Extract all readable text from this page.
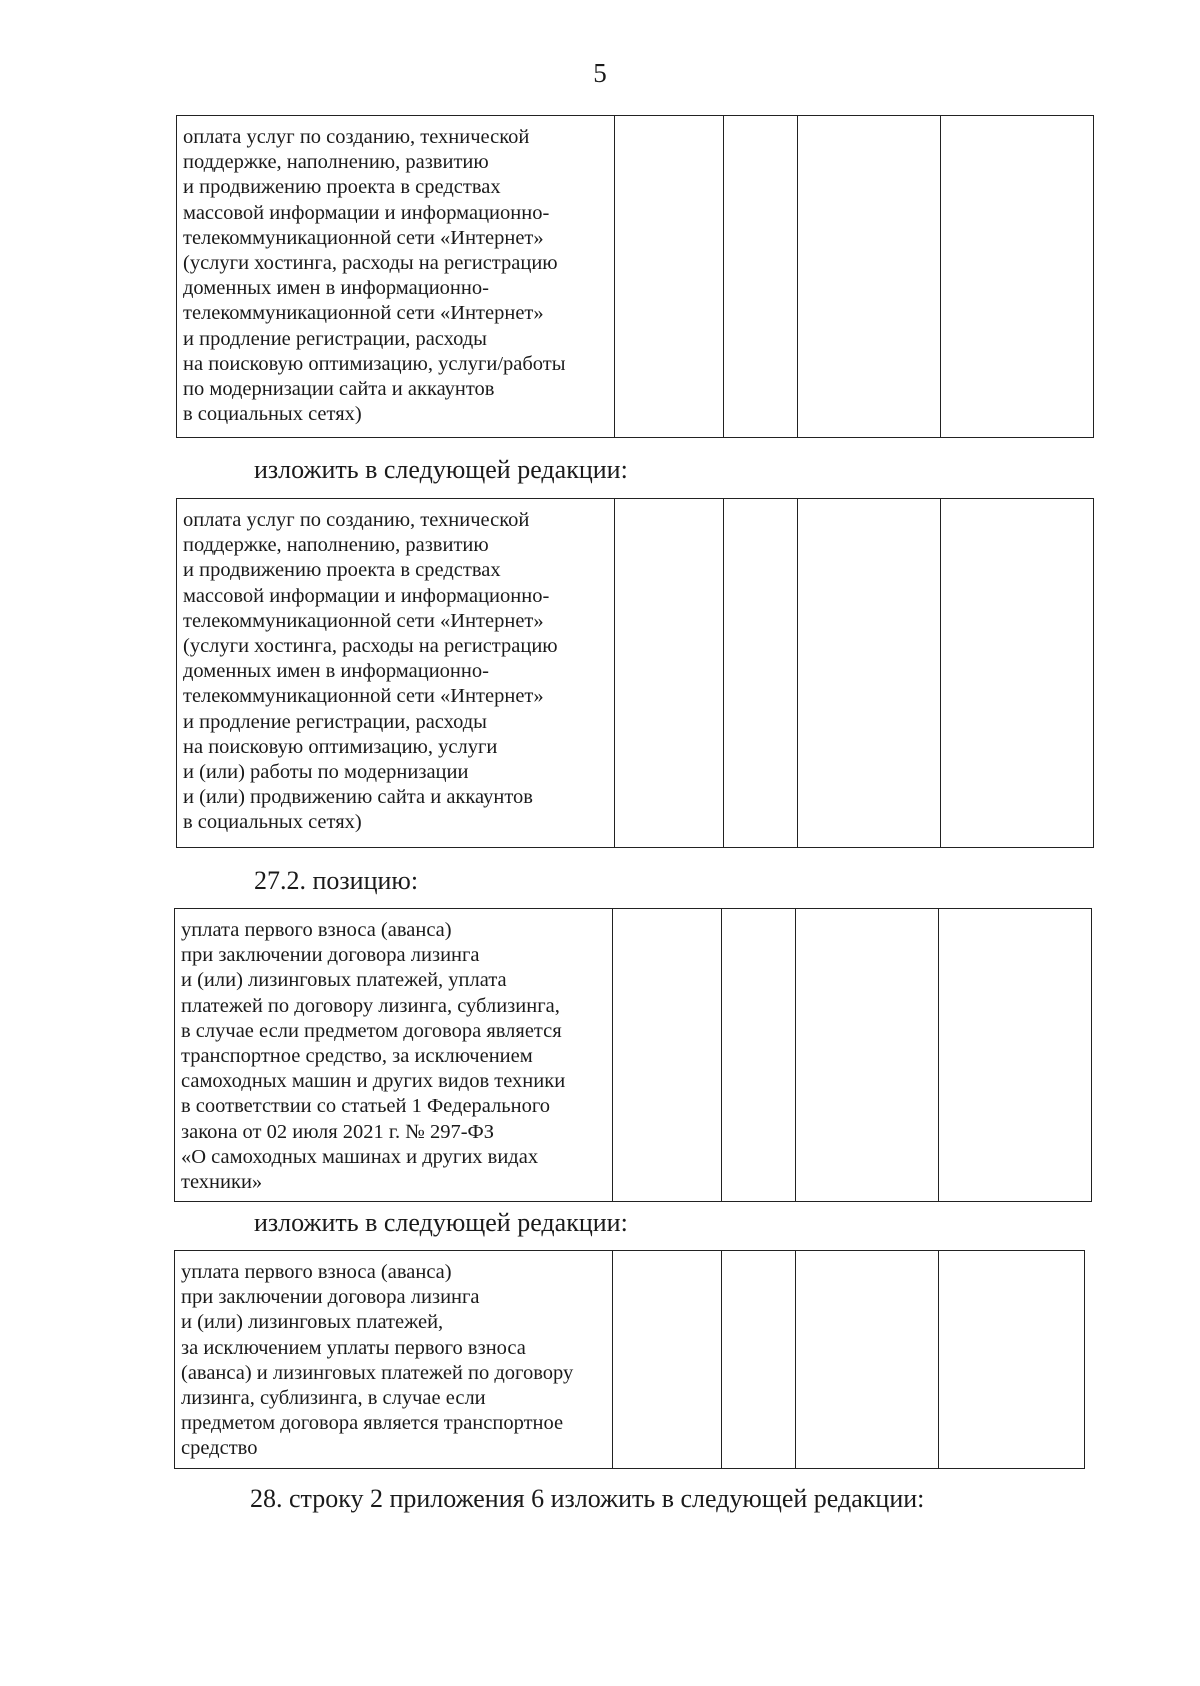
5
оплата услуг по созданию, технической
поддержке, наполнению, развитию
и продвижению проекта в средствах
массовой информации и информационно-
телекоммуникационной сети «Интернет»
(услуги хостинга, расходы на регистрацию
доменных имен в информационно-
телекоммуникационной сети «Интернет»
и продление регистрации, расходы
на поисковую оптимизацию, услуги/работы
по модернизации сайта и аккаунтов
в социальных сетях)

изложить в следующей редакции:
оплата услуг по созданию, технической
поддержке, наполнению, развитию
и продвижению проекта в средствах
массовой информации и информационно-
телекоммуникационной сети «Интернет»
(услуги хостинга, расходы на регистрацию
доменных имен в информационно-
телекоммуникационной сети «Интернет»
и продление регистрации, расходы
на поисковую оптимизацию, услуги
и (или) работы по модернизации
и (или) продвижению сайта и аккаунтов
в социальных сетях)

27.2. позицию:
уплата первого взноса (аванса)
при заключении договора лизинга
и (или) лизинговых платежей, уплата
платежей по договору лизинга, сублизинга,
в случае если предметом договора является
транспортное средство, за исключением
самоходных машин и других видов техники
в соответствии со статьей 1 Федерального
закона от 02 июля 2021 г. № 297-ФЗ
«О самоходных машинах и других видах
техники»

изложить в следующей редакции:
уплата первого взноса (аванса)
при заключении договора лизинга
и (или) лизинговых платежей,
за исключением уплаты первого взноса
(аванса) и лизинговых платежей по договору
лизинга, сублизинга, в случае если
предметом договора является транспортное
средство

28. строку 2 приложения 6 изложить в следующей редакции:
